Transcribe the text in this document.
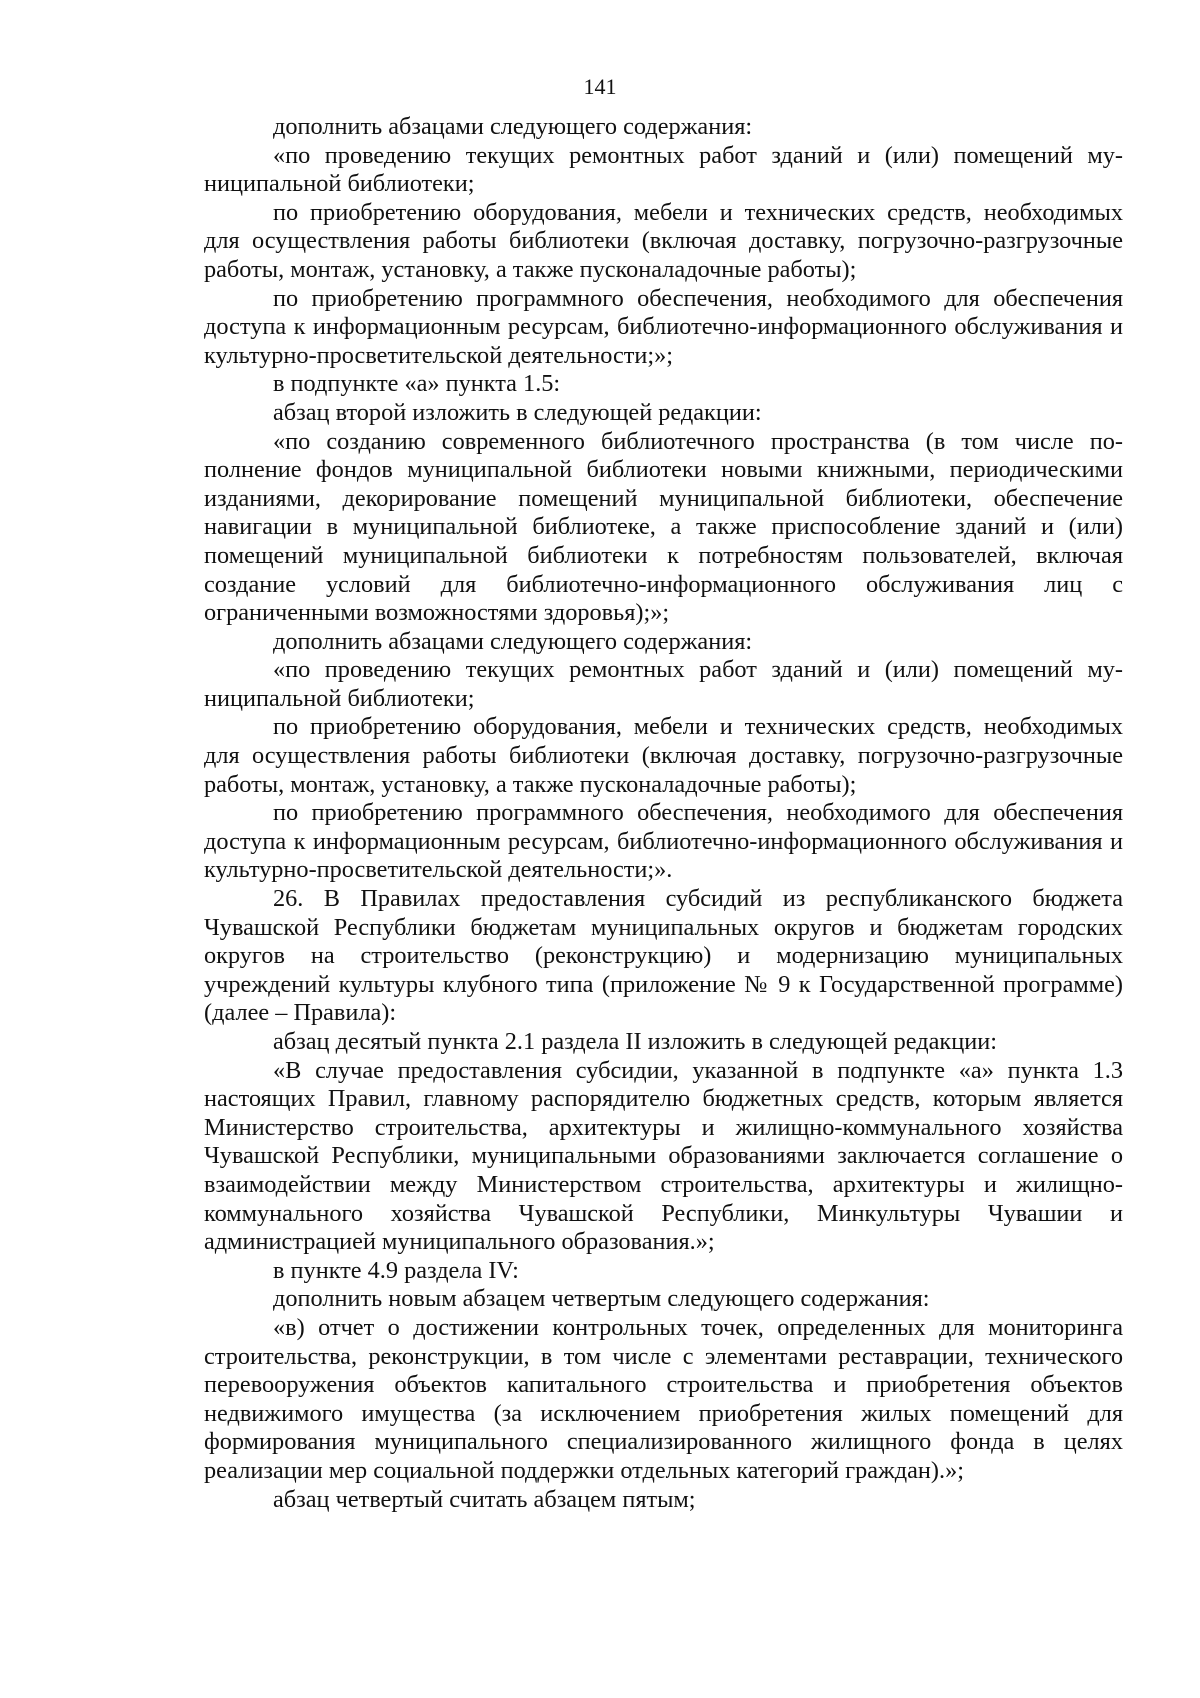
141

дополнить абзацами следующего содержания:

«по проведению текущих ремонтных работ зданий и (или) помещений муниципальной библиотеки;

по приобретению оборудования, мебели и технических средств, необходимых для осуществления работы библиотеки (включая доставку, погрузочно-разгрузочные работы, монтаж, установку, а также пусконаладочные работы);

по приобретению программного обеспечения, необходимого для обеспечения доступа к информационным ресурсам, библиотечно-информационного обслуживания и культурно-просветительской деятельности;»;

в подпункте «а» пункта 1.5:

абзац второй изложить в следующей редакции:

«по созданию современного библиотечного пространства (в том числе пополнение фондов муниципальной библиотеки новыми книжными, периодическими изданиями, декорирование помещений муниципальной библиотеки, обеспечение навигации в муниципальной библиотеке, а также приспособление зданий и (или) помещений муниципальной библиотеки к потребностям пользователей, включая создание условий для библиотечно-информационного обслуживания лиц с ограниченными возможностями здоровья);»;

дополнить абзацами следующего содержания:

«по проведению текущих ремонтных работ зданий и (или) помещений муниципальной библиотеки;

по приобретению оборудования, мебели и технических средств, необходимых для осуществления работы библиотеки (включая доставку, погрузочно-разгрузочные работы, монтаж, установку, а также пусконаладочные работы);

по приобретению программного обеспечения, необходимого для обеспечения доступа к информационным ресурсам, библиотечно-информационного обслуживания и культурно-просветительской деятельности;».

26. В Правилах предоставления субсидий из республиканского бюджета Чувашской Республики бюджетам муниципальных округов и бюджетам городских округов на строительство (реконструкцию) и модернизацию муниципальных учреждений культуры клубного типа (приложение № 9 к Государственной программе) (далее – Правила):

абзац десятый пункта 2.1 раздела II изложить в следующей редакции:

«В случае предоставления субсидии, указанной в подпункте «а» пункта 1.3 настоящих Правил, главному распорядителю бюджетных средств, которым является Министерство строительства, архитектуры и жилищно-коммунального хозяйства Чувашской Республики, муниципальными образованиями заключается соглашение о взаимодействии между Министерством строительства, архитектуры и жилищно-коммунального хозяйства Чувашской Республики, Минкультуры Чувашии и администрацией муниципального образования.»;

в пункте 4.9 раздела IV:

дополнить новым абзацем четвертым следующего содержания:

«в) отчет о достижении контрольных точек, определенных для мониторинга строительства, реконструкции, в том числе с элементами реставрации, технического перевооружения объектов капитального строительства и приобретения объектов недвижимого имущества (за исключением приобретения жилых помещений для формирования муниципального специализированного жилищного фонда в целях реализации мер социальной поддержки отдельных категорий граждан).»;

абзац четвертый считать абзацем пятым;
